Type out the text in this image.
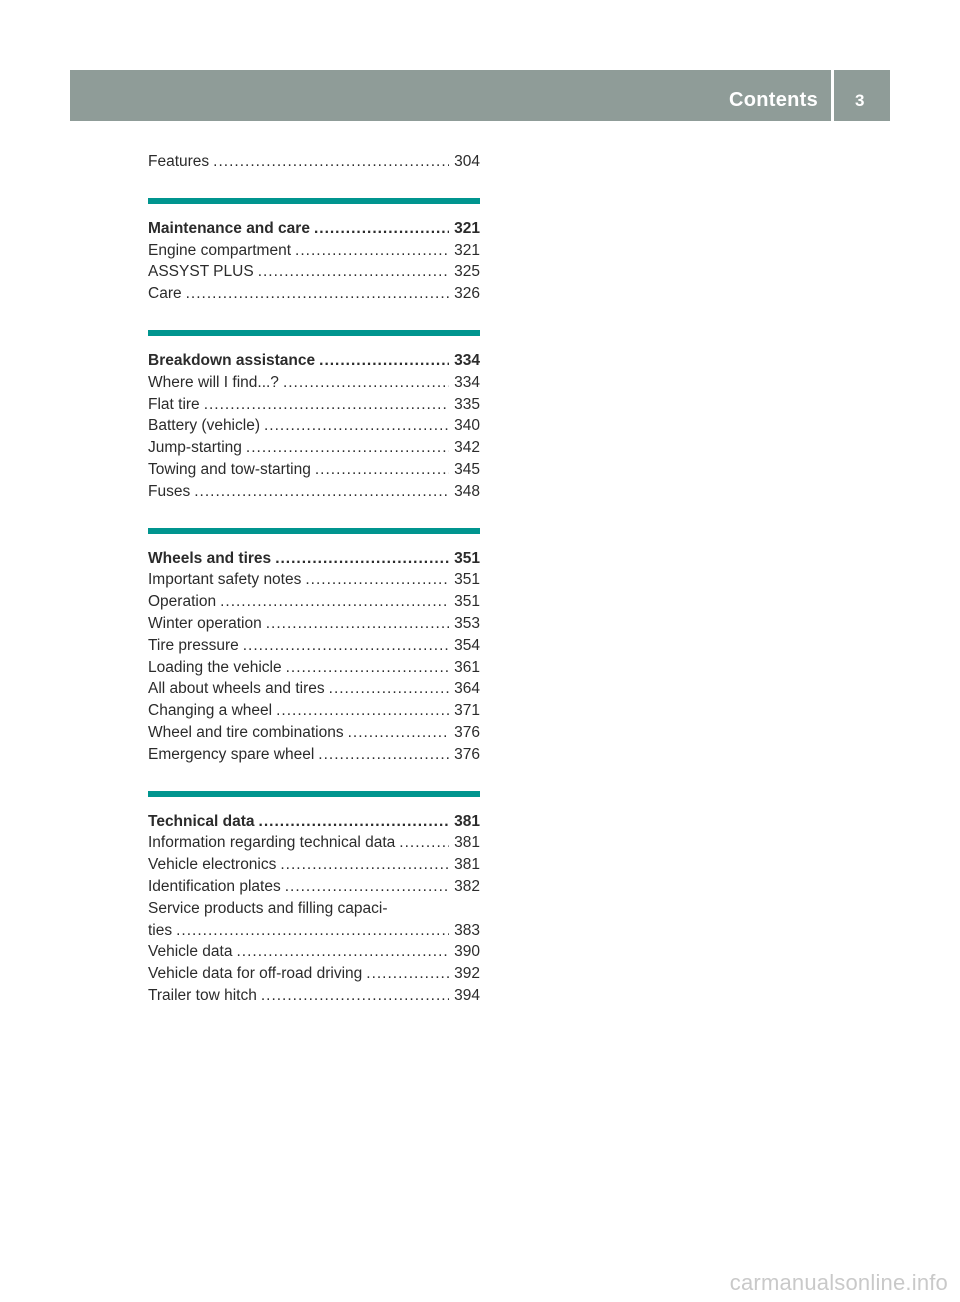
Contents 3
Features .....	304
Maintenance and care .....	321
Engine compartment .....	321
ASSYST PLUS .....	325
Care .....	326
Breakdown assistance .....	334
Where will I find...? .....	334
Flat tire .....	335
Battery (vehicle) .....	340
Jump-starting .....	342
Towing and tow-starting .....	345
Fuses .....	348
Wheels and tires .....	351
Important safety notes .....	351
Operation .....	351
Winter operation .....	353
Tire pressure .....	354
Loading the vehicle .....	361
All about wheels and tires .....	364
Changing a wheel .....	371
Wheel and tire combinations .....	376
Emergency spare wheel .....	376
Technical data .....	381
Information regarding technical data .....	381
Vehicle electronics .....	381
Identification plates .....	382
Service products and filling capaci-
ties .....	383
Vehicle data .....	390
Vehicle data for off-road driving .....	392
Trailer tow hitch .....	394
carmanualsonline.info
